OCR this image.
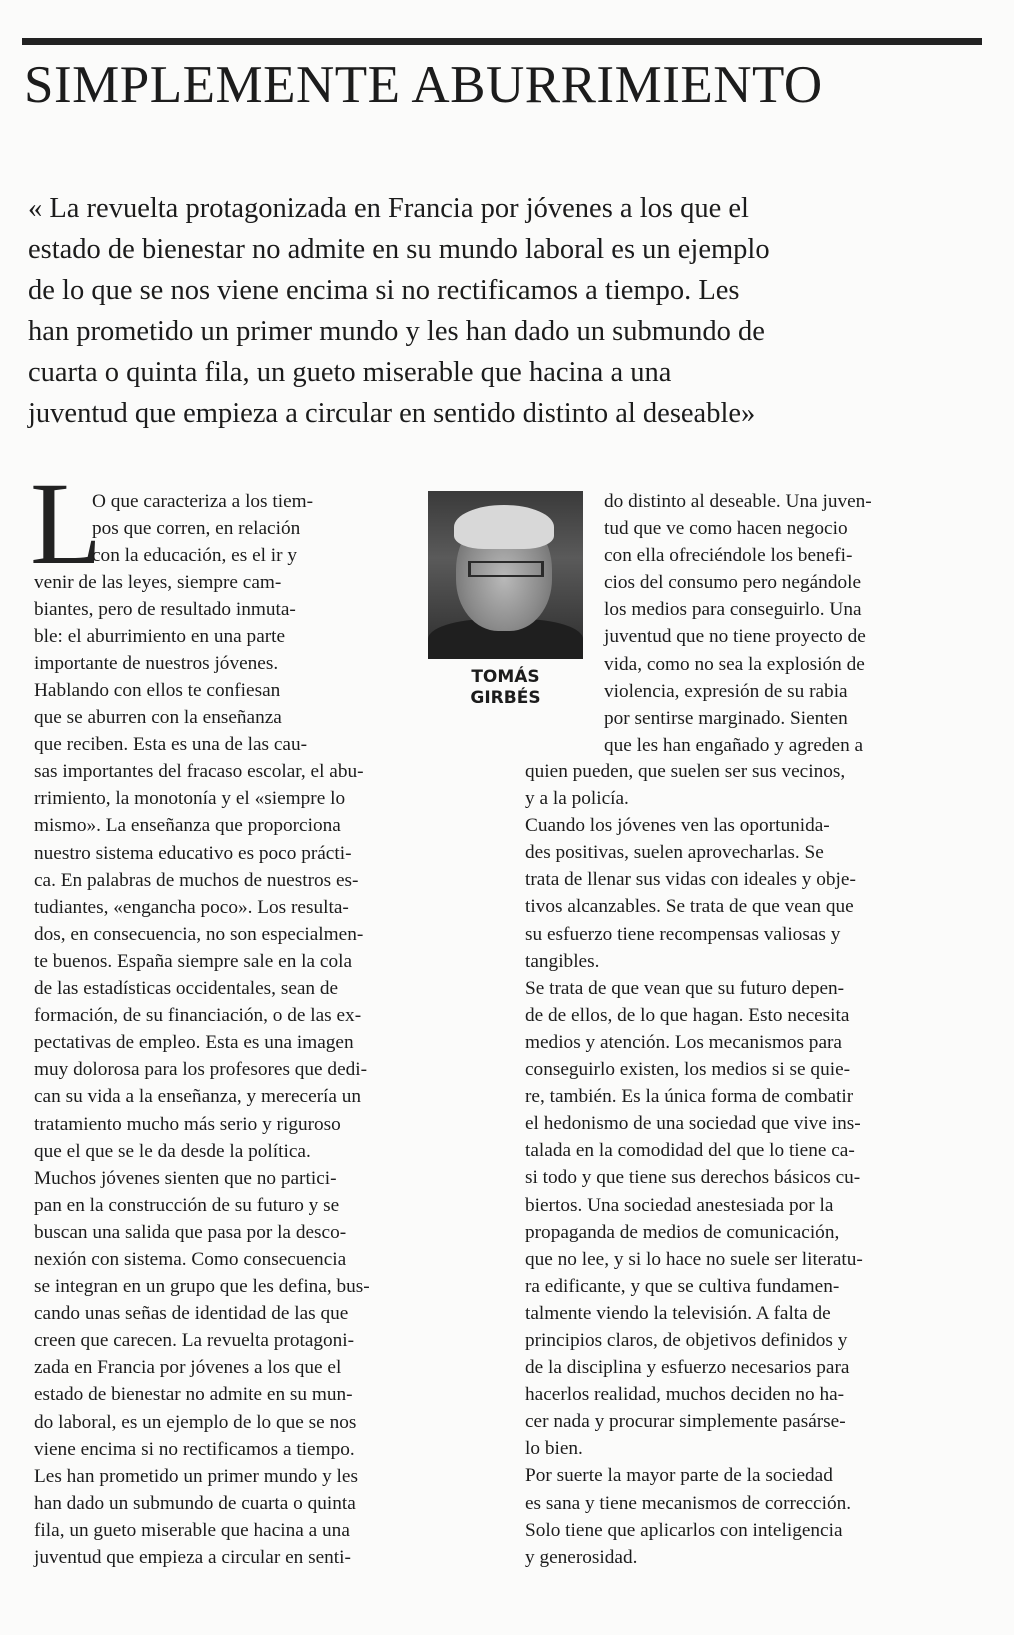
SIMPLEMENTE ABURRIMIENTO

« La revuelta protagonizada en Francia por jóvenes a los que el
estado de bienestar no admite en su mundo laboral es un ejemplo
de lo que se nos viene encima si no rectificamos a tiempo. Les
han prometido un primer mundo y les han dado un submundo de
cuarta o quinta fila, un gueto miserable que hacina a una
juventud que empieza a circular en sentido distinto al deseable»

L

O que caracteriza a los tiem-
pos que corren, en relación
con la educación, es el ir y

venir de las leyes, siempre cam-
biantes, pero de resultado inmuta-
ble: el aburrimiento en una parte
importante de nuestros jóvenes.

Hablando con ellos te confiesan
que se aburren con la enseñanza
que reciben. Esta es una de las cau-
sas importantes del fracaso escolar, el abu-
rrimiento, la monotonía y el «siempre lo
mismo». La enseñanza que proporciona
nuestro sistema educativo es poco prácti-
ca. En palabras de muchos de nuestros es-
tudiantes, «engancha poco». Los resulta-
dos, en consecuencia, no son especialmen-
te buenos. España siempre sale en la cola
de las estadísticas occidentales, sean de
formación, de su financiación, o de las ex-
pectativas de empleo. Esta es una imagen
muy dolorosa para los profesores que dedi-
can su vida a la enseñanza, y merecería un
tratamiento mucho más serio y riguroso
que el que se le da desde la política.
Muchos jóvenes sienten que no partici-
pan en la construcción de su futuro y se
buscan una salida que pasa por la desco-
nexión con sistema. Como consecuencia
se integran en un grupo que les defina, bus-
cando unas señas de identidad de las que
creen que carecen. La revuelta protagoni-
zada en Francia por jóvenes a los que el
estado de bienestar no admite en su mun-
do laboral, es un ejemplo de lo que se nos
viene encima si no rectificamos a tiempo.
Les han prometido un primer mundo y les
han dado un submundo de cuarta o quinta
fila, un gueto miserable que hacina a una
juventud que empieza a circular en senti-

TOMÁS
GIRBÉS

do distinto al deseable. Una juven-
tud que ve como hacen negocio
con ella ofreciéndole los benefi-
cios del consumo pero negándole
los medios para conseguirlo. Una
juventud que no tiene proyecto de
vida, como no sea la explosión de
violencia, expresión de su rabia
por sentirse marginado. Sienten
que les han engañado y agreden a

quien pueden, que suelen ser sus vecinos,
y a la policía.
Cuando los jóvenes ven las oportunida-
des positivas, suelen aprovecharlas. Se
trata de llenar sus vidas con ideales y obje-
tivos alcanzables. Se trata de que vean que
su esfuerzo tiene recompensas valiosas y
tangibles.
Se trata de que vean que su futuro depen-
de de ellos, de lo que hagan. Esto necesita
medios y atención. Los mecanismos para
conseguirlo existen, los medios si se quie-
re, también. Es la única forma de combatir
el hedonismo de una sociedad que vive ins-
talada en la comodidad del que lo tiene ca-
si todo y que tiene sus derechos básicos cu-
biertos. Una sociedad anestesiada por la
propaganda de medios de comunicación,
que no lee, y si lo hace no suele ser literatu-
ra edificante, y que se cultiva fundamen-
talmente viendo la televisión. A falta de
principios claros, de objetivos definidos y
de la disciplina y esfuerzo necesarios para
hacerlos realidad, muchos deciden no ha-
cer nada y procurar simplemente pasárse-
lo bien.
Por suerte la mayor parte de la sociedad
es sana y tiene mecanismos de corrección.
Solo tiene que aplicarlos con inteligencia
y generosidad.
